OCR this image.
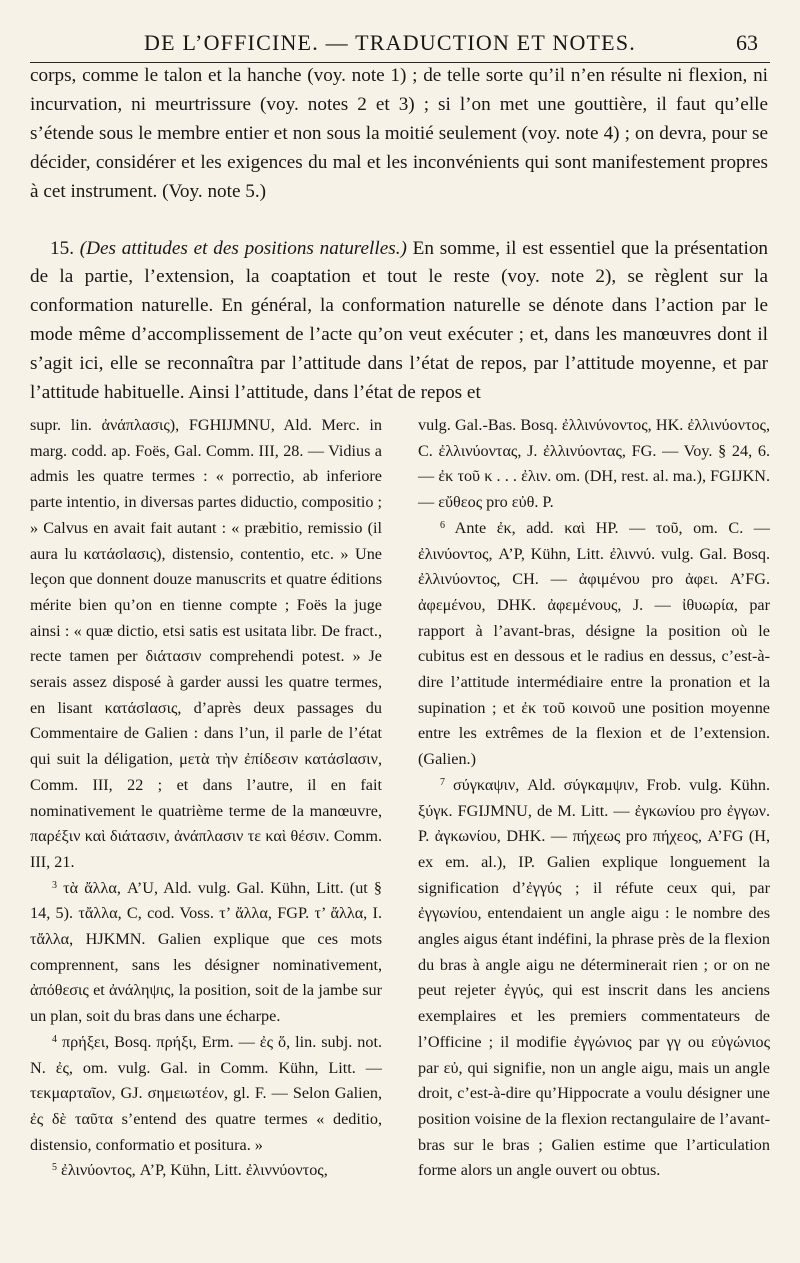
DE L’OFFICINE. — TRADUCTION ET NOTES.	63

corps, comme le talon et la hanche (voy. note 1) ; de telle sorte qu’il n’en résulte ni flexion, ni incurvation, ni meurtrissure (voy. notes 2 et 3) ; si l’on met une gouttière, il faut qu’elle s’étende sous le membre entier et non sous la moitié seulement (voy. note 4) ; on devra, pour se décider, considérer et les exigences du mal et les inconvénients qui sont manifestement propres à cet instrument. (Voy. note 5.)

15. (Des attitudes et des positions naturelles.) En somme, il est essentiel que la présentation de la partie, l’extension, la coaptation et tout le reste (voy. note 2), se règlent sur la conformation naturelle. En général, la conformation naturelle se dénote dans l’action par le mode même d’accomplissement de l’acte qu’on veut exécuter ; et, dans les manœuvres dont il s’agit ici, elle se reconnaîtra par l’attitude dans l’état de repos, par l’attitude moyenne, et par l’attitude habituelle. Ainsi l’attitude, dans l’état de repos et

supr. lin. ἀνάπλασις), FGHIJMNU, Ald. Merc. in marg. codd. ap. Foës, Gal. Comm. III, 28. — Vidius a admis les quatre termes : « porrectio, ab inferiore parte intentio, in diversas partes diductio, compositio ; » Calvus en avait fait autant : « præbitio, remissio (il aura lu κατάσlασις), distensio, contentio, etc. » Une leçon que donnent douze manuscrits et quatre éditions mérite bien qu’on en tienne compte ; Foës la juge ainsi : « quæ dictio, etsi satis est usitata libr. De fract., recte tamen per διάτασιν comprehendi potest. » Je serais assez disposé à garder aussi les quatre termes, en lisant κατάσlασις, d’après deux passages du Commentaire de Galien : dans l’un, il parle de l’état qui suit la déligation, μετὰ τὴν ἐπίδεσιν κατάσlασιν, Comm. III, 22 ; et dans l’autre, il en fait nominativement le quatrième terme de la manœuvre, παρέξιν καὶ διάτασιν, ἀνάπλασιν τε καὶ θέσιν. Comm. III, 21.

$^3$ τὰ ἄλλα, A’U, Ald. vulg. Gal. Kühn, Litt. (ut § 14, 5). τἄλλα, C, cod. Voss. τ’ ἄλλα, FGP. τ’ ἄλλα, I. τἄλλα, HJKMN. Galien explique que ces mots comprennent, sans les désigner nominativement, ἀπόθεσις et ἀνάληψις, la position, soit de la jambe sur un plan, soit du bras dans une écharpe.

$^4$ πρήξει, Bosq. πρήξι, Erm. — ἐς ὅ, lin. subj. not. N. ἐς, om. vulg. Gal. in Comm. Kühn, Litt. — τεκμαρταῖον, GJ. σημειωτέον, gl. F. — Selon Galien, ἐς δὲ ταῦτα s’entend des quatre termes « deditio, distensio, conformatio et positura. »

$^5$ ἐλινύοντος, A’P, Kühn, Litt. ἐλιννύοντος,

vulg. Gal.-Bas. Bosq. ἐλλινύνοντος, HK. ἐλλινύοντος, C. ἐλλινύοντας, J. ἐλλινύοντας, FG. — Voy. § 24, 6. — ἐκ τοῦ κ . . . ἐλιν. om. (DH, rest. al. ma.), FGIJKN. — εὔθεος pro εὐθ. P.

$^6$ Ante ἐκ, add. καὶ HP. — τοῦ, om. C. — ἐλινύοντος, A’P, Kühn, Litt. ἐλιννύ. vulg. Gal. Bosq. ἐλλινύοντος, CH. — ἀφιμένου pro ἀφει. A’FG. ἀφεμένου, DHK. ἀφεμένους, J. — ἰθυωρία, par rapport à l’avant-bras, désigne la position où le cubitus est en dessous et le radius en dessus, c’est-à-dire l’attitude intermédiaire entre la pronation et la supination ; et ἐκ τοῦ κοινοῦ une position moyenne entre les extrêmes de la flexion et de l’extension. (Galien.)

$^7$ σύγκαψιν, Ald. σύγκαμψιν, Frob. vulg. Kühn. ξύγκ. FGIJMNU, de M. Litt. — ἐγκωνίου pro ἐγγων. P. ἀγκωνίου, DHK. — πήχεως pro πήχεος, A’FG (H, ex em. al.), IP. Galien explique longuement la signification d’ἐγγύς ; il réfute ceux qui, par ἐγγωνίου, entendaient un angle aigu : le nombre des angles aigus étant indéfini, la phrase près de la flexion du bras à angle aigu ne déterminerait rien ; or on ne peut rejeter ἐγγύς, qui est inscrit dans les anciens exemplaires et les premiers commentateurs de l’Officine ; il modifie ἐγγώνιος par γγ ou εὐγώνιος par εὐ, qui signifie, non un angle aigu, mais un angle droit, c’est-à-dire qu’Hippocrate a voulu désigner une position voisine de la flexion rectangulaire de l’avant-bras sur le bras ; Galien estime que l’articulation forme alors un angle ouvert ou obtus.
